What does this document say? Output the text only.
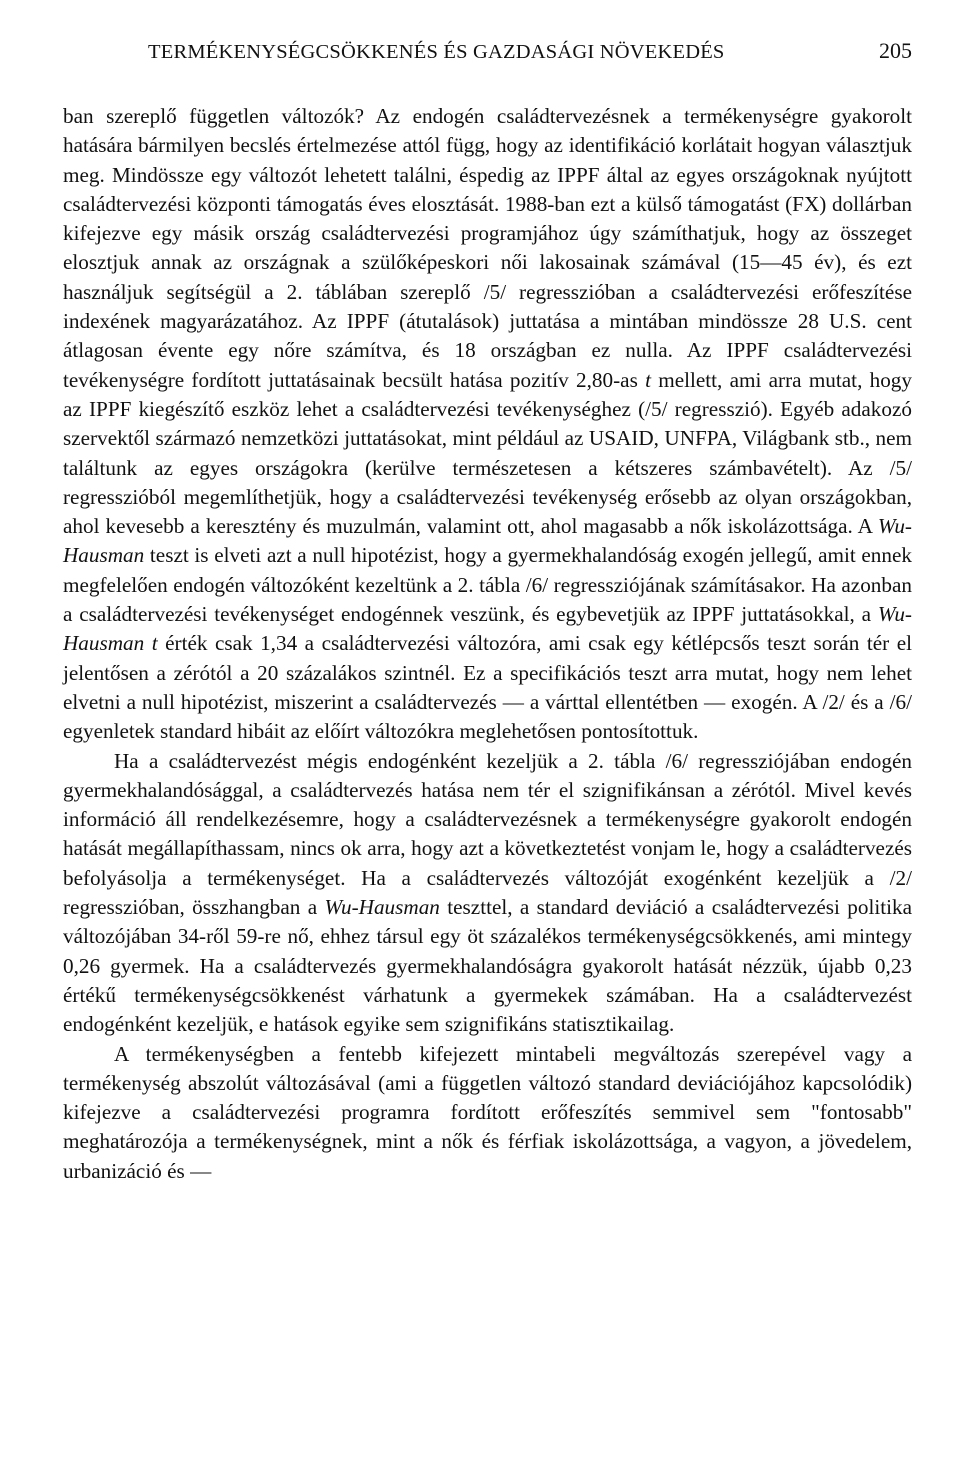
TERMÉKENYSÉGCSÖKKENÉS ÉS GAZDASÁGI NÖVEKEDÉS	205

ban szereplő független változók? Az endogén családtervezésnek a termékenységre gyakorolt hatására bármilyen becslés értelmezése attól függ, hogy az identifikáció korlátait hogyan választjuk meg. Mindössze egy változót lehetett találni, éspedig az IPPF által az egyes országoknak nyújtott családtervezési központi támogatás éves elosztását. 1988-ban ezt a külső támogatást (FX) dollárban kifejezve egy másik ország családtervezési programjához úgy számíthatjuk, hogy az összeget elosztjuk annak az országnak a szülőképeskori női lakosainak számával (15—45 év), és ezt használjuk segítségül a 2. táblában szereplő /5/ regresszióban a családtervezési erőfeszítése indexének magyarázatához. Az IPPF (átutalások) juttatása a mintában mindössze 28 U.S. cent átlagosan évente egy nőre számítva, és 18 országban ez nulla. Az IPPF családtervezési tevékenységre fordított juttatásainak becsült hatása pozitív 2,80-as t mellett, ami arra mutat, hogy az IPPF kiegészítő eszköz lehet a családtervezési tevékenységhez (/5/ regresszió). Egyéb adakozó szervektől származó nemzetközi juttatásokat, mint például az USAID, UNFPA, Világbank stb., nem találtunk az egyes országokra (kerülve természetesen a kétszeres számbavételt). Az /5/ regresszióból megemlíthetjük, hogy a családtervezési tevékenység erősebb az olyan országokban, ahol kevesebb a keresztény és muzulmán, valamint ott, ahol magasabb a nők iskolázottsága. A Wu-Hausman teszt is elveti azt a null hipotézist, hogy a gyermekhalandóság exogén jellegű, amit ennek megfelelően endogén változóként kezeltünk a 2. tábla /6/ regressziójának számításakor. Ha azonban a családtervezési tevékenységet endogénnek veszünk, és egybevetjük az IPPF juttatásokkal, a Wu-Hausman t érték csak 1,34 a családtervezési változóra, ami csak egy kétlépcsős teszt során tér el jelentősen a zérótól a 20 százalákos szintnél. Ez a specifikációs teszt arra mutat, hogy nem lehet elvetni a null hipotézist, miszerint a családtervezés — a várttal ellentétben — exogén. A /2/ és a /6/ egyenletek standard hibáit az előírt változókra meglehetősen pontosítottuk.

Ha a családtervezést mégis endogénként kezeljük a 2. tábla /6/ regressziójában endogén gyermekhalandósággal, a családtervezés hatása nem tér el szignifikánsan a zérótól. Mivel kevés információ áll rendelkezésemre, hogy a családtervezésnek a termékenységre gyakorolt endogén hatását megállapíthassam, nincs ok arra, hogy azt a következtetést vonjam le, hogy a családtervezés befolyásolja a termékenységet. Ha a családtervezés változóját exogénként kezeljük a /2/ regresszióban, összhangban a Wu-Hausman teszttel, a standard deviáció a családtervezési politika változójában 34-ről 59-re nő, ehhez társul egy öt százalékos termékenységcsökkenés, ami mintegy 0,26 gyermek. Ha a családtervezés gyermekhalandóságra gyakorolt hatását nézzük, újabb 0,23 értékű termékenységcsökkenést várhatunk a gyermekek számában. Ha a családtervezést endogénként kezeljük, e hatások egyike sem szignifikáns statisztikailag.

A termékenységben a fentebb kifejezett mintabeli megváltozás szerepével vagy a termékenység abszolút változásával (ami a független változó standard deviációjához kapcsolódik) kifejezve a családtervezési programra fordított erőfeszítés semmivel sem "fontosabb" meghatározója a termékenységnek, mint a nők és férfiak iskolázottsága, a vagyon, a jövedelem, urbanizáció és —
